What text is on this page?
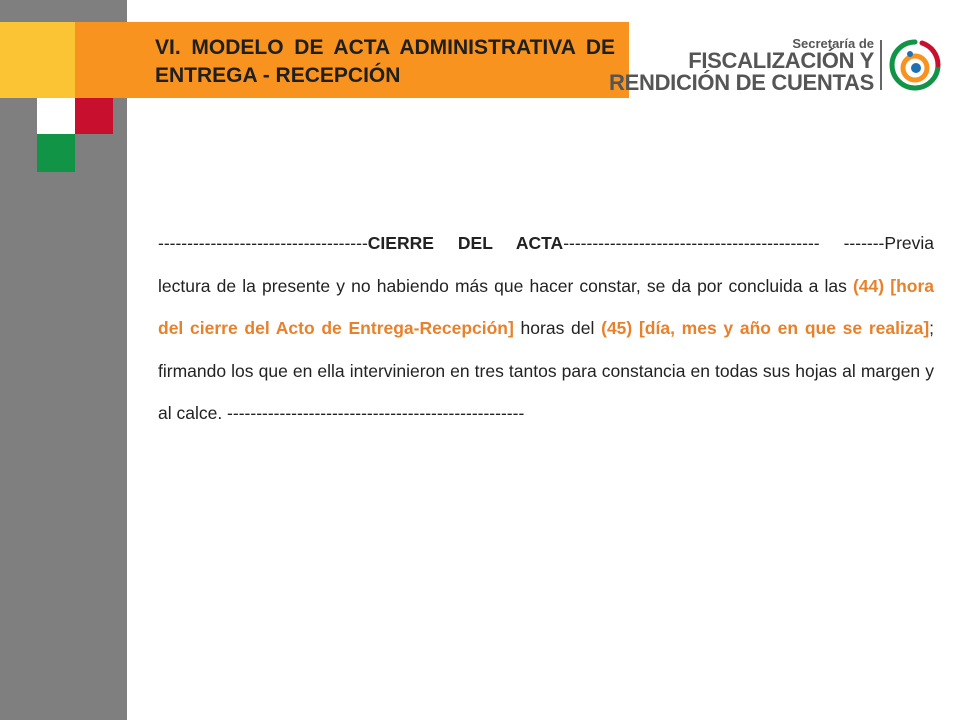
VI. MODELO DE ACTA ADMINISTRATIVA DE ENTREGA - RECEPCIÓN
Secretaría de
FISCALIZACIÓN Y
RENDICIÓN DE CUENTAS
------------------------------------CIERRE DEL ACTA-------------------------------------------- -------Previa lectura de la presente y no habiendo más que hacer constar, se da por concluida a las (44) [hora del cierre del Acto de Entrega-Recepción] horas del (45) [día, mes y año en que se realiza]; firmando los que en ella intervinieron en tres tantos para constancia en todas sus hojas al margen y al calce. ---------------------------------------------------
